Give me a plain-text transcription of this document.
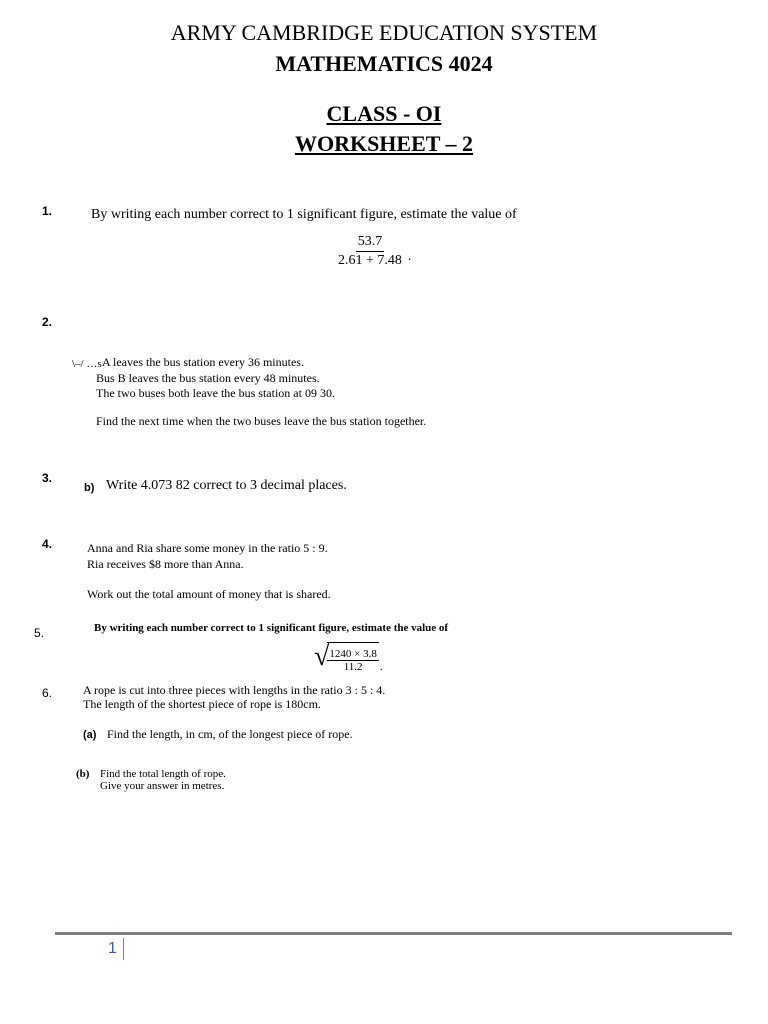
ARMY CAMBRIDGE EDUCATION SYSTEM
MATHEMATICS 4024
CLASS - OI
WORKSHEET – 2
1.	By writing each number correct to 1 significant figure, estimate the value of
$\frac{53.7}{2.61 + 7.48}$ .
2.
\–/ …s A leaves the bus station every 36 minutes.
Bus B leaves the bus station every 48 minutes.
The two buses both leave the bus station at 09 30.
Find the next time when the two buses leave the bus station together.
3.
b) Write 4.073 82 correct to 3 decimal places.
4.	Anna and Ria share some money in the ratio 5 : 9.
Ria receives $8 more than Anna.
Work out the total amount of money that is shared.
5.	By writing each number correct to 1 significant figure, estimate the value of
√
$\frac{1240 \times 3.8}{11.2}$ .
6.	A rope is cut into three pieces with lengths in the ratio 3 : 5 : 4.
The length of the shortest piece of rope is 180cm.
(a) Find the length, in cm, of the longest piece of rope.
(b) Find the total length of rope.
Give your answer in metres.
1
